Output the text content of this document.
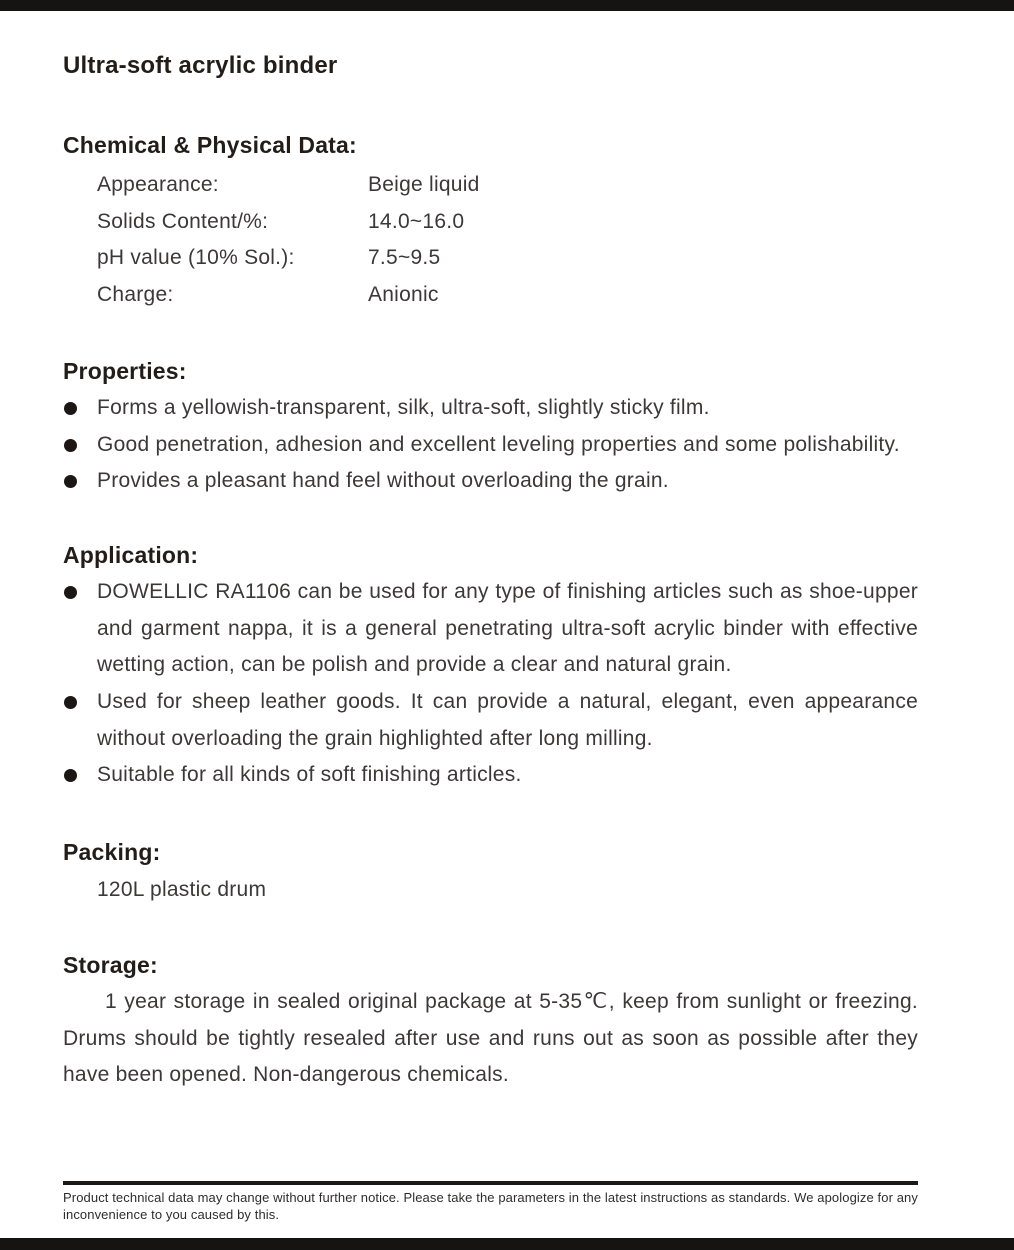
Ultra-soft acrylic binder
Chemical & Physical Data:
Appearance:	Beige liquid
Solids Content/%:	14.0~16.0
pH value (10% Sol.):	7.5~9.5
Charge:	Anionic
Properties:
Forms a yellowish-transparent, silk, ultra-soft, slightly sticky film.
Good penetration, adhesion and excellent leveling properties and some polishability.
Provides a pleasant hand feel without overloading the grain.
Application:
DOWELLIC RA1106 can be used for any type of finishing articles such as shoe-upper and garment nappa, it is a general penetrating ultra-soft acrylic binder with effective wetting action, can be polish and provide a clear and natural grain.
Used for sheep leather goods. It can provide a natural, elegant, even appearance without overloading the grain highlighted after long milling.
Suitable for all kinds of soft finishing articles.
Packing:

120L plastic drum

Storage:

1 year storage in sealed original package at 5-35℃, keep from sunlight or freezing. Drums should be tightly resealed after use and runs out as soon as possible after they have been opened. Non-dangerous chemicals.

Product technical data may change without further notice. Please take the parameters in the latest instructions as standards. We apologize for any inconvenience to you caused by this.
